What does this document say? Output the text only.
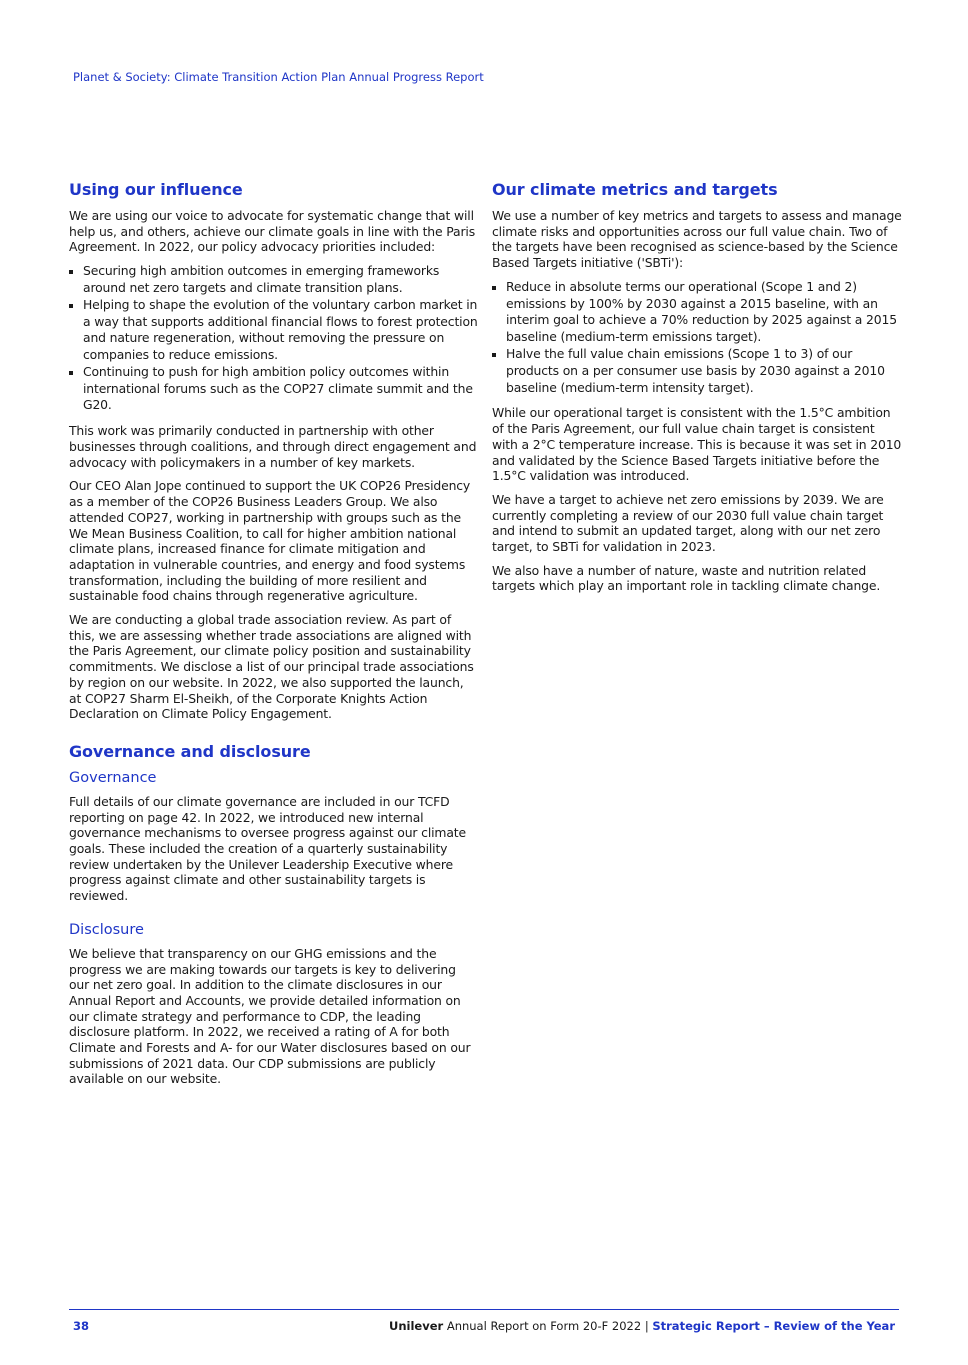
Planet & Society: Climate Transition Action Plan Annual Progress Report
Using our influence

We are using our voice to advocate for systematic change that will help us, and others, achieve our climate goals in line with the Paris Agreement. In 2022, our policy advocacy priorities included:

Securing high ambition outcomes in emerging frameworks around net zero targets and climate transition plans.
Helping to shape the evolution of the voluntary carbon market in a way that supports additional financial flows to forest protection and nature regeneration, without removing the pressure on companies to reduce emissions.
Continuing to push for high ambition policy outcomes within international forums such as the COP27 climate summit and the G20.

This work was primarily conducted in partnership with other businesses through coalitions, and through direct engagement and advocacy with policymakers in a number of key markets.

Our CEO Alan Jope continued to support the UK COP26 Presidency as a member of the COP26 Business Leaders Group. We also attended COP27, working in partnership with groups such as the We Mean Business Coalition, to call for higher ambition national climate plans, increased finance for climate mitigation and adaptation in vulnerable countries, and energy and food systems transformation, including the building of more resilient and sustainable food chains through regenerative agriculture.

We are conducting a global trade association review. As part of this, we are assessing whether trade associations are aligned with the Paris Agreement, our climate policy position and sustainability commitments. We disclose a list of our principal trade associations by region on our website. In 2022, we also supported the launch, at COP27 Sharm El-Sheikh, of the Corporate Knights Action Declaration on Climate Policy Engagement.

Governance and disclosure
Governance

Full details of our climate governance are included in our TCFD reporting on page 42. In 2022, we introduced new internal governance mechanisms to oversee progress against our climate goals. These included the creation of a quarterly sustainability review undertaken by the Unilever Leadership Executive where progress against climate and other sustainability targets is reviewed.

Disclosure

We believe that transparency on our GHG emissions and the progress we are making towards our targets is key to delivering our net zero goal. In addition to the climate disclosures in our Annual Report and Accounts, we provide detailed information on our climate strategy and performance to CDP, the leading disclosure platform. In 2022, we received a rating of A for both Climate and Forests and A- for our Water disclosures based on our submissions of 2021 data. Our CDP submissions are publicly available on our website.

Our climate metrics and targets

We use a number of key metrics and targets to assess and manage climate risks and opportunities across our full value chain. Two of the targets have been recognised as science-based by the Science Based Targets initiative ('SBTi'):

Reduce in absolute terms our operational (Scope 1 and 2) emissions by 100% by 2030 against a 2015 baseline, with an interim goal to achieve a 70% reduction by 2025 against a 2015 baseline (medium-term emissions target).
Halve the full value chain emissions (Scope 1 to 3) of our products on a per consumer use basis by 2030 against a 2010 baseline (medium-term intensity target).

While our operational target is consistent with the 1.5°C ambition of the Paris Agreement, our full value chain target is consistent with a 2°C temperature increase. This is because it was set in 2010 and validated by the Science Based Targets initiative before the 1.5°C validation was introduced.

We have a target to achieve net zero emissions by 2039. We are currently completing a review of our 2030 full value chain target and intend to submit an updated target, along with our net zero target, to SBTi for validation in 2023.

We also have a number of nature, waste and nutrition related targets which play an important role in tackling climate change.

38	Unilever Annual Report on Form 20-F 2022 | Strategic Report – Review of the Year
